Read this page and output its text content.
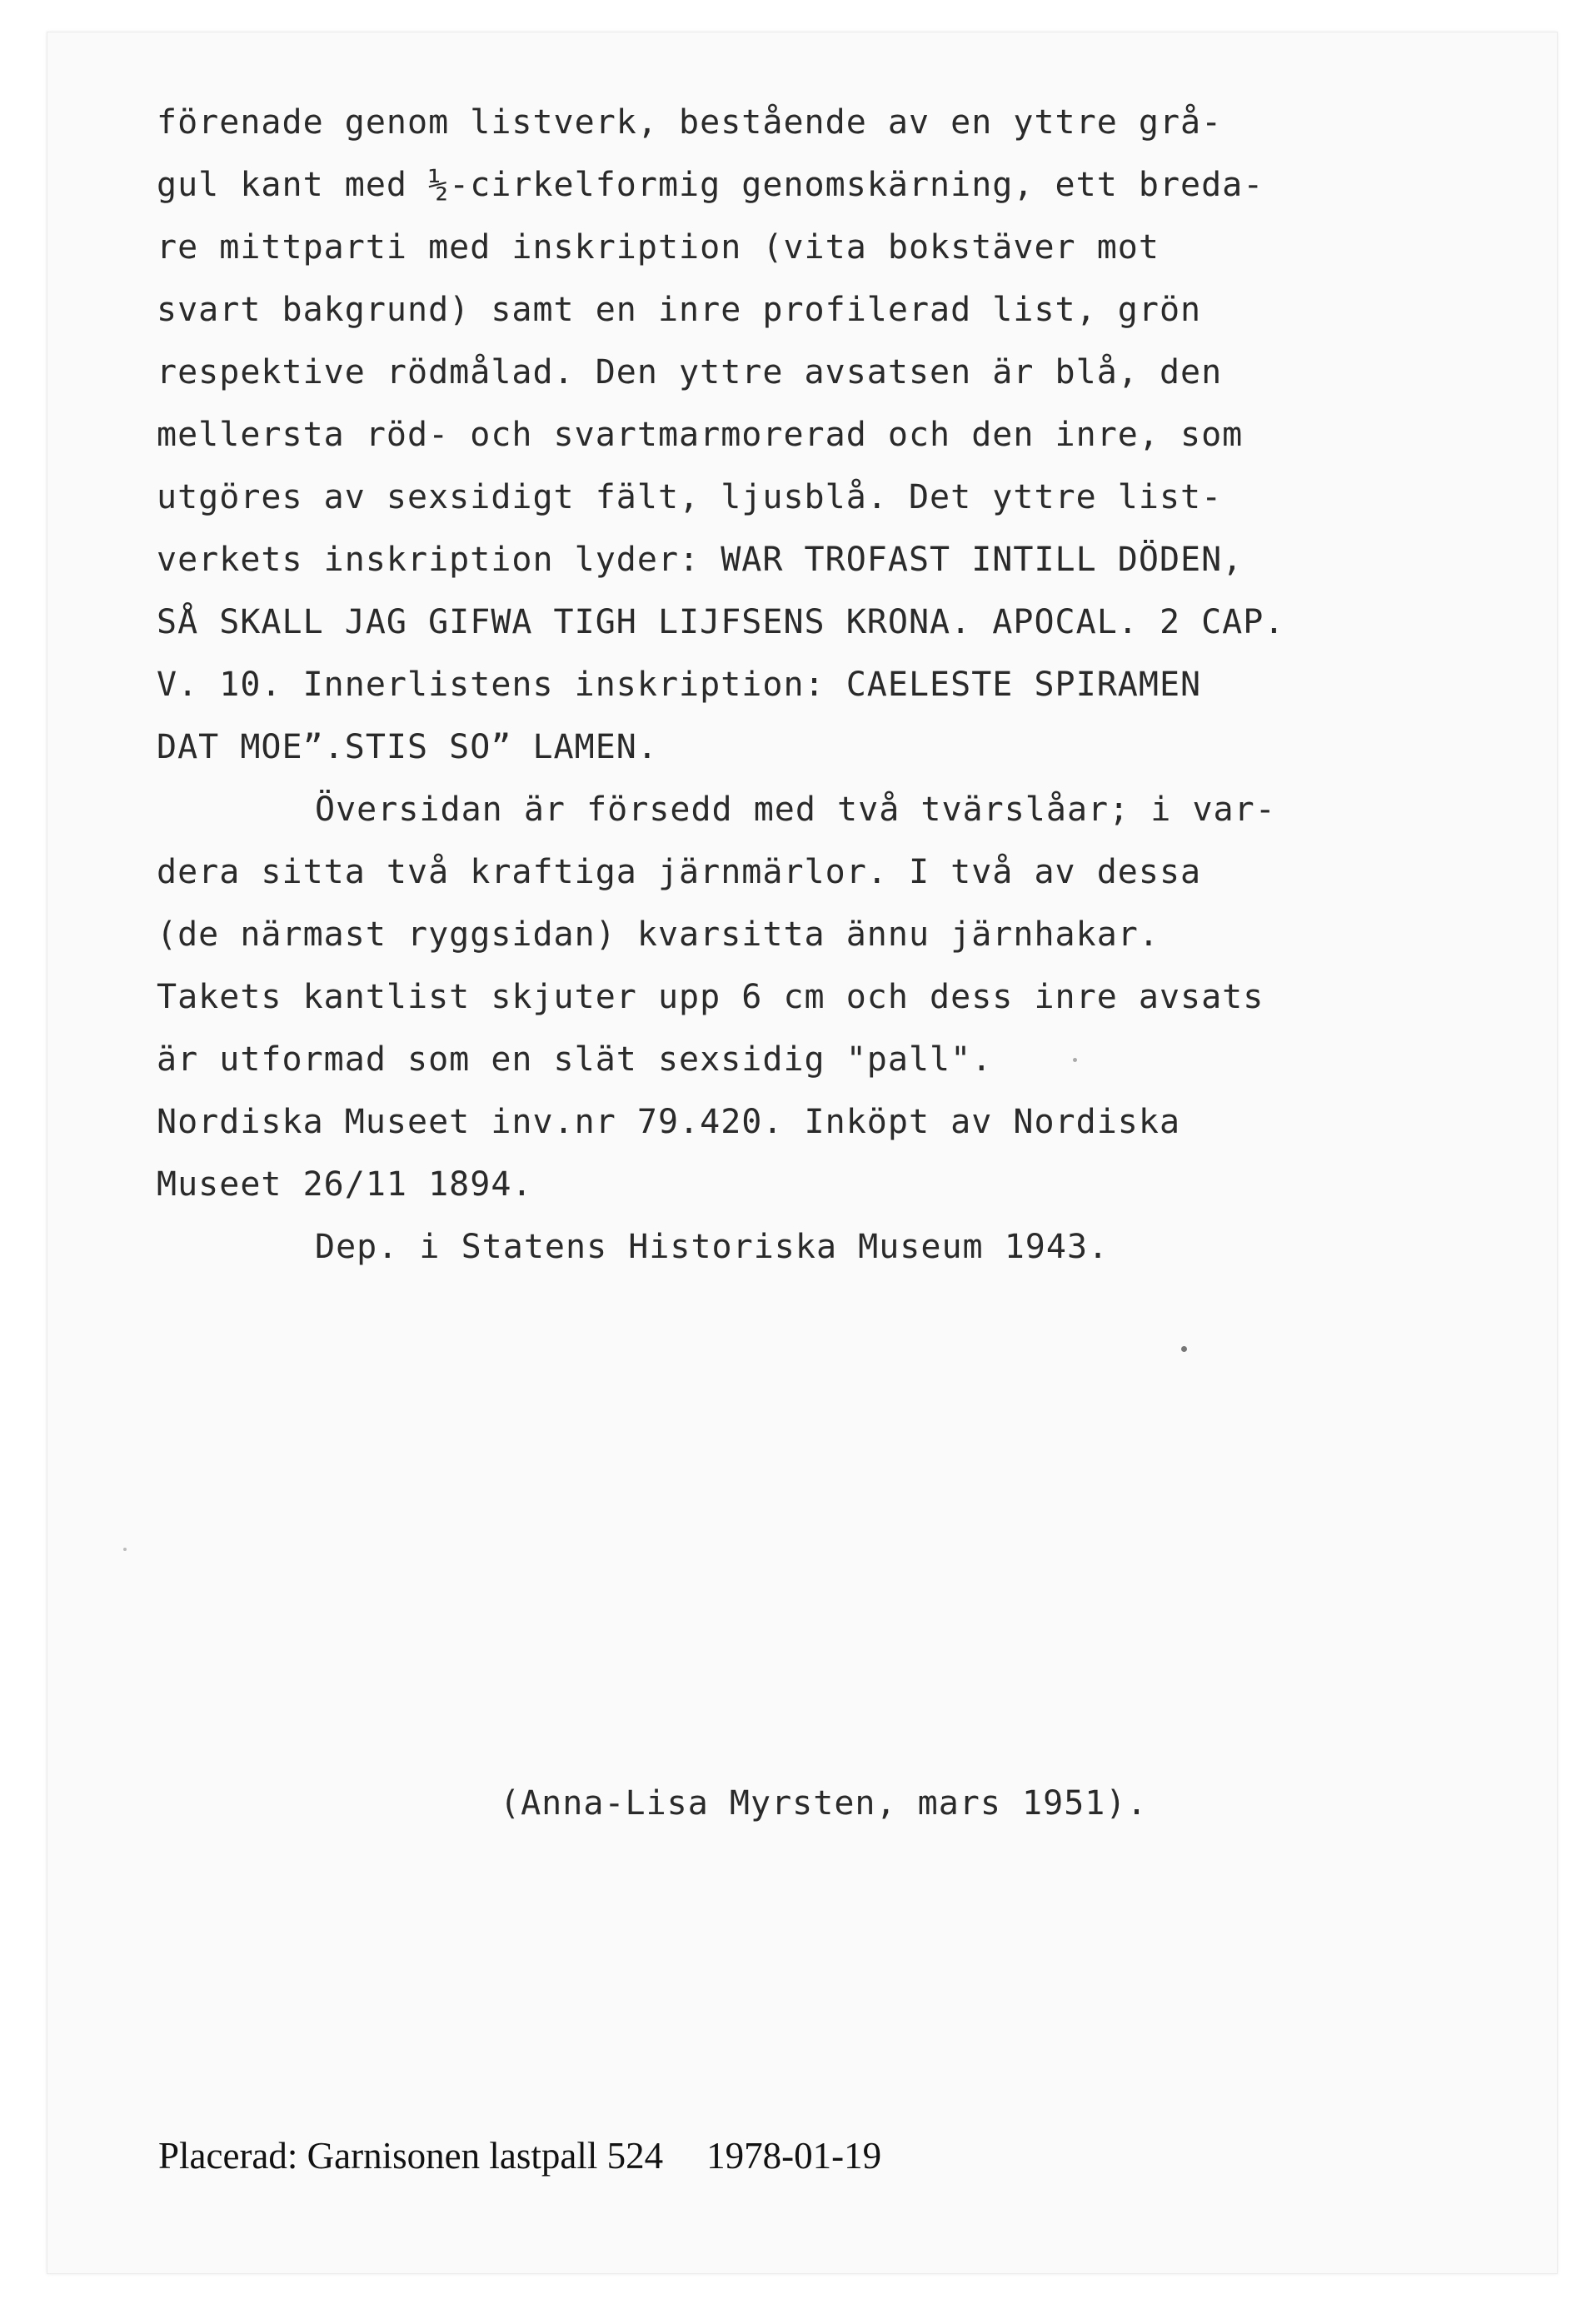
förenade genom listverk, bestående av en yttre grå-
gul kant med ½-cirkelformig genomskärning, ett breda-
re mittparti med inskription (vita bokstäver mot
svart bakgrund) samt en inre profilerad list, grön
respektive rödmålad. Den yttre avsatsen är blå, den
mellersta röd- och svartmarmorerad och den inre, som
utgöres av sexsidigt fält, ljusblå. Det yttre list-
verkets inskription lyder: WAR TROFAST INTILL DÖDEN,
SÅ SKALL JAG GIFWA TIGH LIJFSENS KRONA. APOCAL. 2 CAP.
V. 10. Innerlistens inskription: CAELESTE SPIRAMEN
DAT MOE”.STIS SO” LAMEN.
Översidan är försedd med två tvärslåar; i var-
dera sitta två kraftiga järnmärlor. I två av dessa
(de närmast ryggsidan) kvarsitta ännu järnhakar.
Takets kantlist skjuter upp 6 cm och dess inre avsats
är utformad som en slät sexsidig "pall".
Nordiska Museet inv.nr 79.420. Inköpt av Nordiska
Museet 26/11 1894.
Dep. i Statens Historiska Museum 1943.
(Anna-Lisa Myrsten, mars 1951).
Placerad: Garnisonen lastpall 524 1978-01-19
